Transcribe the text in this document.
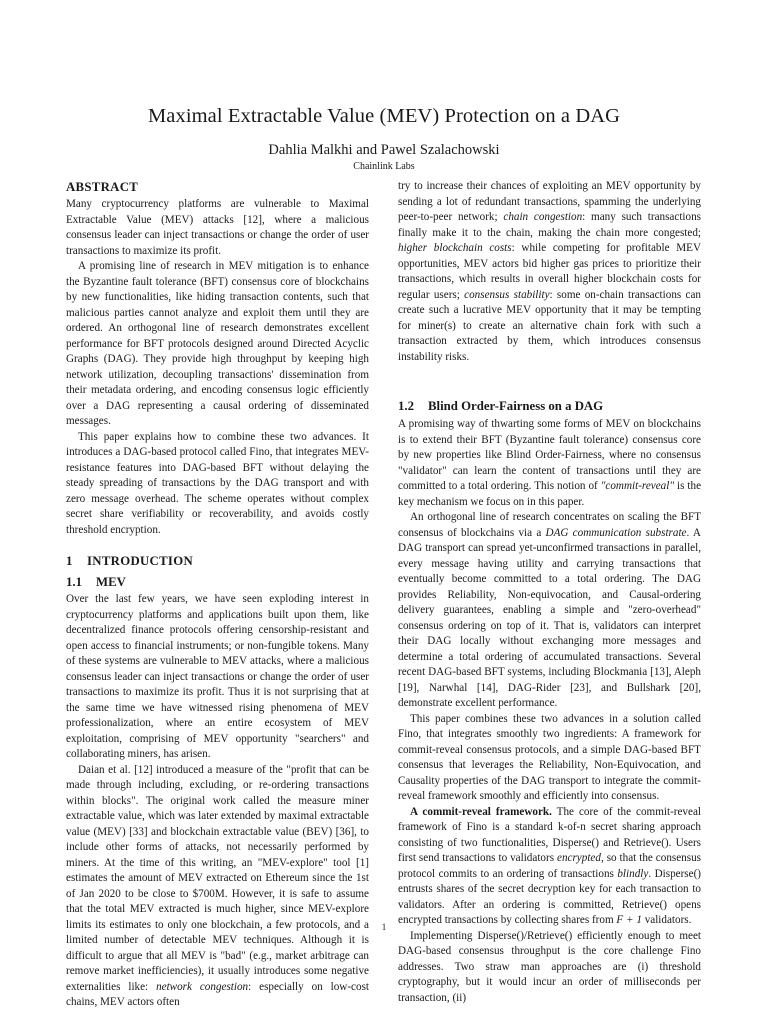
Maximal Extractable Value (MEV) Protection on a DAG
Dahlia Malkhi and Pawel Szalachowski
Chainlink Labs
ABSTRACT

Many cryptocurrency platforms are vulnerable to Maximal Extractable Value (MEV) attacks [12], where a malicious consensus leader can inject transactions or change the order of user transactions to maximize its profit.

A promising line of research in MEV mitigation is to enhance the Byzantine fault tolerance (BFT) consensus core of blockchains by new functionalities, like hiding transaction contents, such that malicious parties cannot analyze and exploit them until they are ordered. An orthogonal line of research demonstrates excellent performance for BFT protocols designed around Directed Acyclic Graphs (DAG). They provide high throughput by keeping high network utilization, decoupling transactions' dissemination from their metadata ordering, and encoding consensus logic efficiently over a DAG representing a causal ordering of disseminated messages.

This paper explains how to combine these two advances. It introduces a DAG-based protocol called Fino, that integrates MEV-resistance features into DAG-based BFT without delaying the steady spreading of transactions by the DAG transport and with zero message overhead. The scheme operates without complex secret share verifiability or recoverability, and avoids costly threshold encryption.

1 INTRODUCTION
1.1 MEV

Over the last few years, we have seen exploding interest in cryptocurrency platforms and applications built upon them, like decentralized finance protocols offering censorship-resistant and open access to financial instruments; or non-fungible tokens. Many of these systems are vulnerable to MEV attacks, where a malicious consensus leader can inject transactions or change the order of user transactions to maximize its profit. Thus it is not surprising that at the same time we have witnessed rising phenomena of MEV professionalization, where an entire ecosystem of MEV exploitation, comprising of MEV opportunity "searchers" and collaborating miners, has arisen.

Daian et al. [12] introduced a measure of the "profit that can be made through including, excluding, or re-ordering transactions within blocks". The original work called the measure miner extractable value, which was later extended by maximal extractable value (MEV) [33] and blockchain extractable value (BEV) [36], to include other forms of attacks, not necessarily performed by miners. At the time of this writing, an "MEV-explore" tool [1] estimates the amount of MEV extracted on Ethereum since the 1st of Jan 2020 to be close to $700M. However, it is safe to assume that the total MEV extracted is much higher, since MEV-explore limits its estimates to only one blockchain, a few protocols, and a limited number of detectable MEV techniques. Although it is difficult to argue that all MEV is "bad" (e.g., market arbitrage can remove market inefficiencies), it usually introduces some negative externalities like: network congestion: especially on low-cost chains, MEV actors often

try to increase their chances of exploiting an MEV opportunity by sending a lot of redundant transactions, spamming the underlying peer-to-peer network; chain congestion: many such transactions finally make it to the chain, making the chain more congested; higher blockchain costs: while competing for profitable MEV opportunities, MEV actors bid higher gas prices to prioritize their transactions, which results in overall higher blockchain costs for regular users; consensus stability: some on-chain transactions can create such a lucrative MEV opportunity that it may be tempting for miner(s) to create an alternative chain fork with such a transaction extracted by them, which introduces consensus instability risks.

1.2 Blind Order-Fairness on a DAG

A promising way of thwarting some forms of MEV on blockchains is to extend their BFT (Byzantine fault tolerance) consensus core by new properties like Blind Order-Fairness, where no consensus "validator" can learn the content of transactions until they are committed to a total ordering. This notion of "commit-reveal" is the key mechanism we focus on in this paper.

An orthogonal line of research concentrates on scaling the BFT consensus of blockchains via a DAG communication substrate. A DAG transport can spread yet-unconfirmed transactions in parallel, every message having utility and carrying transactions that eventually become committed to a total ordering. The DAG provides Reliability, Non-equivocation, and Causal-ordering delivery guarantees, enabling a simple and "zero-overhead" consensus ordering on top of it. That is, validators can interpret their DAG locally without exchanging more messages and determine a total ordering of accumulated transactions. Several recent DAG-based BFT systems, including Blockmania [13], Aleph [19], Narwhal [14], DAG-Rider [23], and Bullshark [20], demonstrate excellent performance.

This paper combines these two advances in a solution called Fino, that integrates smoothly two ingredients: A framework for commit-reveal consensus protocols, and a simple DAG-based BFT consensus that leverages the Reliability, Non-Equivocation, and Causality properties of the DAG transport to integrate the commit-reveal framework smoothly and efficiently into consensus.

A commit-reveal framework. The core of the commit-reveal framework of Fino is a standard k-of-n secret sharing approach consisting of two functionalities, Disperse() and Retrieve(). Users first send transactions to validators encrypted, so that the consensus protocol commits to an ordering of transactions blindly. Disperse() entrusts shares of the secret decryption key for each transaction to validators. After an ordering is committed, Retrieve() opens encrypted transactions by collecting shares from F + 1 validators.

Implementing Disperse()/Retrieve() efficiently enough to meet DAG-based consensus throughput is the core challenge Fino addresses. Two straw man approaches are (i) threshold cryptography, but it would incur an order of milliseconds per transaction, (ii)

1
